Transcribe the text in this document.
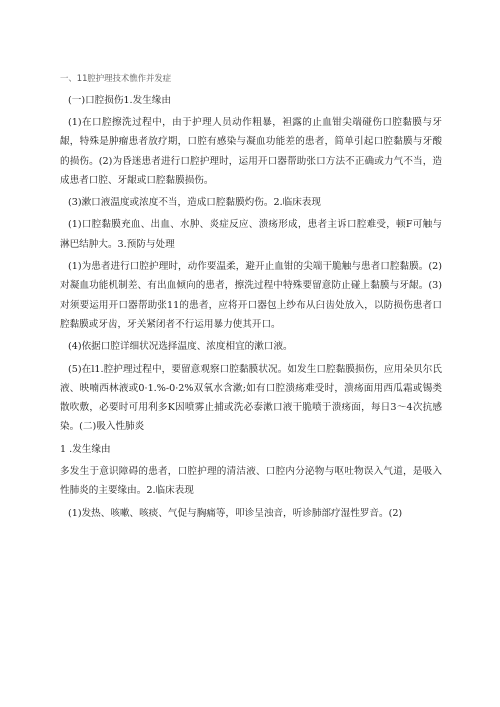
一、11腔护理技术憔作并发症
(一)口腔损伤1.发生缘由

(1)在口腔擦洗过程中，由于护理人员动作粗暴，袒露的止血钳尖端碰伤口腔黏膜与牙龈，特殊是肿瘤患者放疗期，口腔有感染与凝血功能差的患者，简单引起口腔黏膜与牙酸的损伤。(2)为昏迷患者进行口腔护理时，运用开口器帮助张口方法不正确或力气不当，造成患者口腔、牙龈或口腔黏膜损伤。

(3)漱口液温度或浓度不当，造成口腔黏膜灼伤。2.临床表现

(1)口腔黏膜充血、出血、水肿、炎症反应、溃疡形成，患者主诉口腔难受，顿F可触与淋巴结肿大。3.预防与处理

(1)为患者进行口腔护理时，动作要温柔，避开止血钳的尖端干脆触与患者口腔黏膜。(2)对凝血功能机制差、有出血倾向的患者，擦洗过程中特殊要留意防止碰上黏膜与牙龈。(3)对须要运用开口器帮助张11的患者，应将开口器包上纱布从臼齿处放入，以防损伤患者口腔黏膜或牙齿，牙关紧闭者不行运用暴力使其开口。

(4)依据口腔详细状况选择温度、浓度相宜的漱口液。

(5)在l1.腔护理过程中，要留意观察口腔黏膜状况。如发生口腔黏膜损伤，应用朵贝尔氏液、映喃西林液或0·1.%-0·2%双氧水含漱;如有口腔溃疡难受时，溃疡面用西瓜霜或锡类散吹敷，必要时可用利多K因喷雾止捕或洗必泰漱口液干脆喷于溃疡面，每日3～4次抗感染。(二)吸入性肺炎

1 .发生缘由

多发生于意识障碍的患者，口腔护理的清洁液、口腔内分泌物与呕吐物误入气道，是吸入性肺炎的主要缘由。2.临床表现

(1)发热、咳嗽、咳痰、气促与胸痛等，叩诊呈浊音，听诊肺部疗湿性罗音。(2)
